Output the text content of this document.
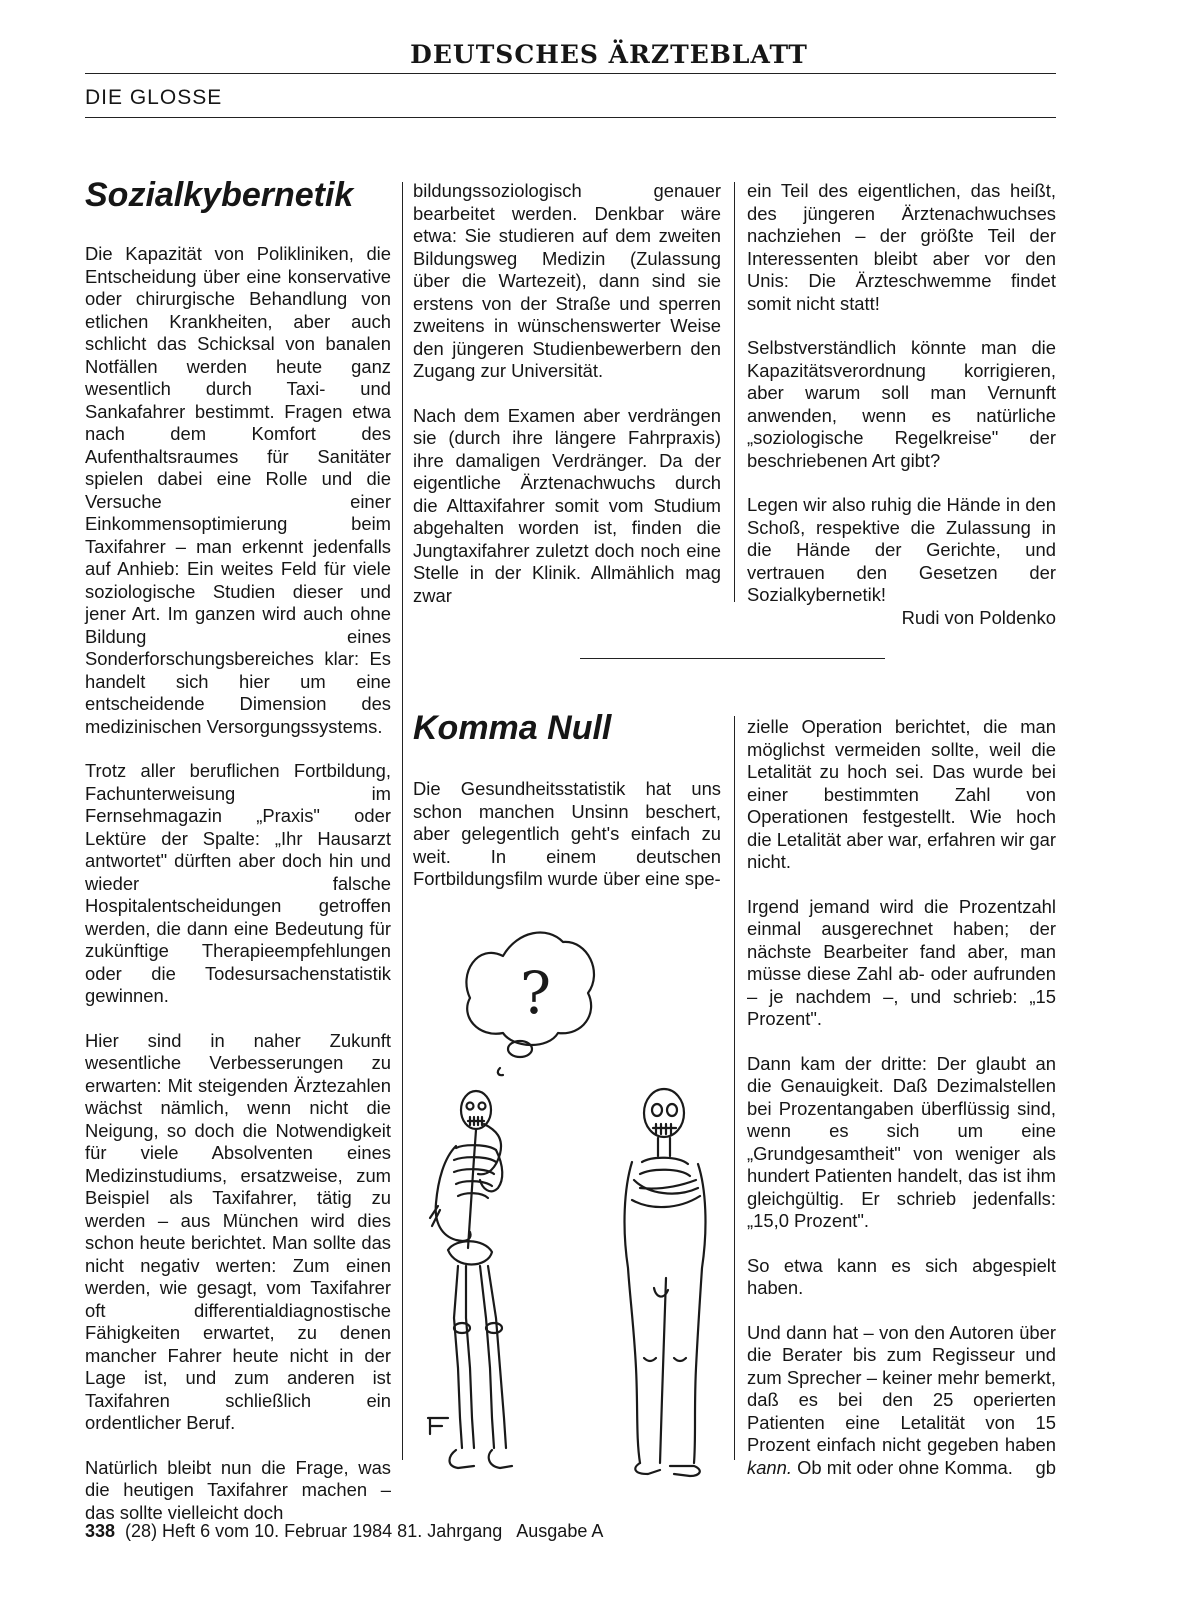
DEUTSCHES ÄRZTEBLATT
DIE GLOSSE
Sozialkybernetik

Die Kapazität von Polikliniken, die Entscheidung über eine konservative oder chirurgische Behandlung von etlichen Krankheiten, aber auch schlicht das Schicksal von banalen Notfällen werden heute ganz wesentlich durch Taxi- und Sankafahrer bestimmt. Fragen etwa nach dem Komfort des Aufenthaltsraumes für Sanitäter spielen dabei eine Rolle und die Versuche einer Einkommensoptimierung beim Taxifahrer – man erkennt jedenfalls auf Anhieb: Ein weites Feld für viele soziologische Studien dieser und jener Art. Im ganzen wird auch ohne Bildung eines Sonderforschungsbereiches klar: Es handelt sich hier um eine entscheidende Dimension des medizinischen Versorgungssystems.

Trotz aller beruflichen Fortbildung, Fachunterweisung im Fernsehmagazin „Praxis" oder Lektüre der Spalte: „Ihr Hausarzt antwortet" dürften aber doch hin und wieder falsche Hospitalentscheidungen getroffen werden, die dann eine Bedeutung für zukünftige Therapieempfehlungen oder die Todesursachenstatistik gewinnen.

Hier sind in naher Zukunft wesentliche Verbesserungen zu erwarten: Mit steigenden Ärztezahlen wächst nämlich, wenn nicht die Neigung, so doch die Notwendigkeit für viele Absolventen eines Medizinstudiums, ersatzweise, zum Beispiel als Taxifahrer, tätig zu werden – aus München wird dies schon heute berichtet. Man sollte das nicht negativ werten: Zum einen werden, wie gesagt, vom Taxifahrer oft differentialdiagnostische Fähigkeiten erwartet, zu denen mancher Fahrer heute nicht in der Lage ist, und zum anderen ist Taxifahren schließlich ein ordentlicher Beruf.

Natürlich bleibt nun die Frage, was die heutigen Taxifahrer machen – das sollte vielleicht doch

bildungssoziologisch genauer bearbeitet werden. Denkbar wäre etwa: Sie studieren auf dem zweiten Bildungsweg Medizin (Zulassung über die Wartezeit), dann sind sie erstens von der Straße und sperren zweitens in wünschenswerter Weise den jüngeren Studienbewerbern den Zugang zur Universität.

Nach dem Examen aber verdrängen sie (durch ihre längere Fahrpraxis) ihre damaligen Verdränger. Da der eigentliche Ärztenachwuchs durch die Alttaxifahrer somit vom Studium abgehalten worden ist, finden die Jungtaxifahrer zuletzt doch noch eine Stelle in der Klinik. Allmählich mag zwar

ein Teil des eigentlichen, das heißt, des jüngeren Ärztenachwuchses nachziehen – der größte Teil der Interessenten bleibt aber vor den Unis: Die Ärzteschwemme findet somit nicht statt!

Selbstverständlich könnte man die Kapazitätsverordnung korrigieren, aber warum soll man Vernunft anwenden, wenn es natürliche „soziologische Regelkreise" der beschriebenen Art gibt?

Legen wir also ruhig die Hände in den Schoß, respektive die Zulassung in die Hände der Gerichte, und vertrauen den Gesetzen der Sozialkybernetik!

Rudi von Poldenko
Komma Null

Die Gesundheitsstatistik hat uns schon manchen Unsinn beschert, aber gelegentlich geht's einfach zu weit. In einem deutschen Fortbildungsfilm wurde über eine spe-

zielle Operation berichtet, die man möglichst vermeiden sollte, weil die Letalität zu hoch sei. Das wurde bei einer bestimmten Zahl von Operationen festgestellt. Wie hoch die Letalität aber war, erfahren wir gar nicht.

Irgend jemand wird die Prozentzahl einmal ausgerechnet haben; der nächste Bearbeiter fand aber, man müsse diese Zahl ab- oder aufrunden – je nachdem –, und schrieb: „15 Prozent".

Dann kam der dritte: Der glaubt an die Genauigkeit. Daß Dezimalstellen bei Prozentangaben überflüssig sind, wenn es sich um eine „Grundgesamtheit" von weniger als hundert Patienten handelt, das ist ihm gleichgültig. Er schrieb jedenfalls: „15,0 Prozent".

So etwa kann es sich abgespielt haben.

Und dann hat – von den Autoren über die Berater bis zum Regisseur und zum Sprecher – keiner mehr bemerkt, daß es bei den 25 operierten Patienten eine Letalität von 15 Prozent einfach nicht gegeben haben kann. Ob mit oder ohne Komma. gb

?
338 (28) Heft 6 vom 10. Februar 1984 81. Jahrgang   Ausgabe A
